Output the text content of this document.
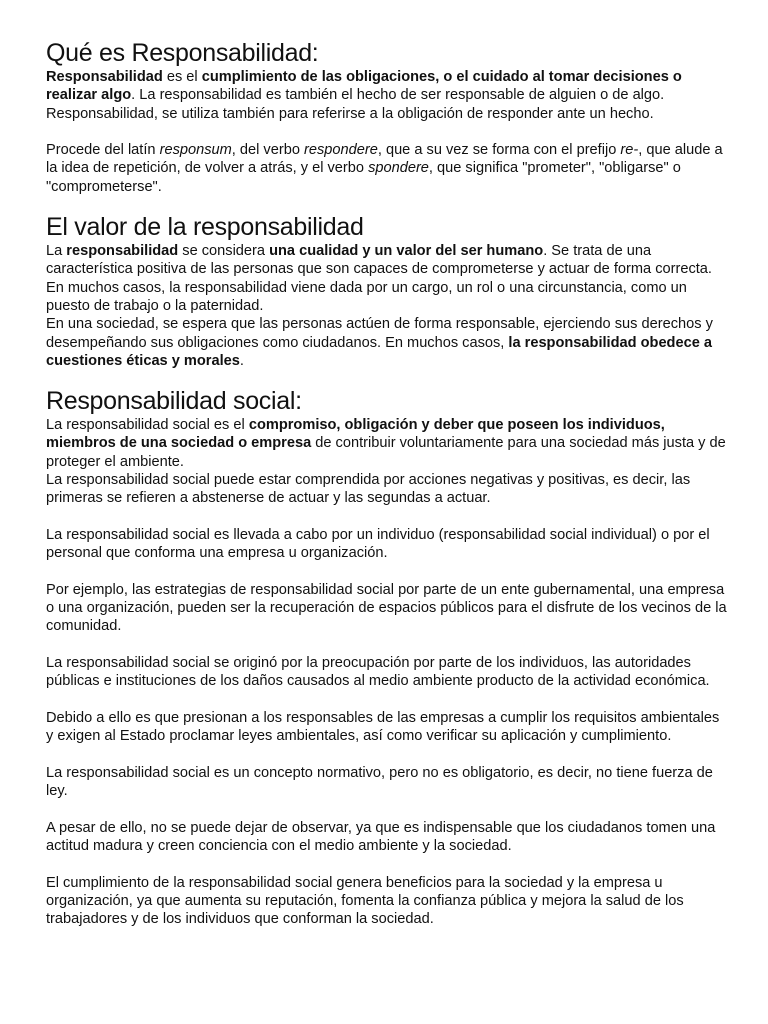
Qué es Responsabilidad:

Responsabilidad es el cumplimiento de las obligaciones, o el cuidado al tomar decisiones o realizar algo. La responsabilidad es también el hecho de ser responsable de alguien o de algo. Responsabilidad, se utiliza también para referirse a la obligación de responder ante un hecho.

Procede del latín responsum, del verbo respondere, que a su vez se forma con el prefijo re-, que alude a la idea de repetición, de volver a atrás, y el verbo spondere, que significa "prometer", "obligarse" o "comprometerse".

El valor de la responsabilidad

La responsabilidad se considera una cualidad y un valor del ser humano. Se trata de una característica positiva de las personas que son capaces de comprometerse y actuar de forma correcta. En muchos casos, la responsabilidad viene dada por un cargo, un rol o una circunstancia, como un puesto de trabajo o la paternidad.

En una sociedad, se espera que las personas actúen de forma responsable, ejerciendo sus derechos y desempeñando sus obligaciones como ciudadanos. En muchos casos, la responsabilidad obedece a cuestiones éticas y morales.

Responsabilidad social:

La responsabilidad social es el compromiso, obligación y deber que poseen los individuos, miembros de una sociedad o empresa de contribuir voluntariamente para una sociedad más justa y de proteger el ambiente.

La responsabilidad social puede estar comprendida por acciones negativas y positivas, es decir, las primeras se refieren a abstenerse de actuar y las segundas a actuar.

La responsabilidad social es llevada a cabo por un individuo (responsabilidad social individual) o por el personal que conforma una empresa u organización.

Por ejemplo, las estrategias de responsabilidad social por parte de un ente gubernamental, una empresa o una organización, pueden ser la recuperación de espacios públicos para el disfrute de los vecinos de la comunidad.

La responsabilidad social se originó por la preocupación por parte de los individuos, las autoridades públicas e instituciones de los daños causados al medio ambiente producto de la actividad económica.

Debido a ello es que presionan a los responsables de las empresas a cumplir los requisitos ambientales y exigen al Estado proclamar leyes ambientales, así como verificar su aplicación y cumplimiento.

La responsabilidad social es un concepto normativo, pero no es obligatorio, es decir, no tiene fuerza de ley.

A pesar de ello, no se puede dejar de observar, ya que es indispensable que los ciudadanos tomen una actitud madura y creen conciencia con el medio ambiente y la sociedad.

El cumplimiento de la responsabilidad social genera beneficios para la sociedad y la empresa u organización, ya que aumenta su reputación, fomenta la confianza pública y mejora la salud de los trabajadores y de los individuos que conforman la sociedad.
